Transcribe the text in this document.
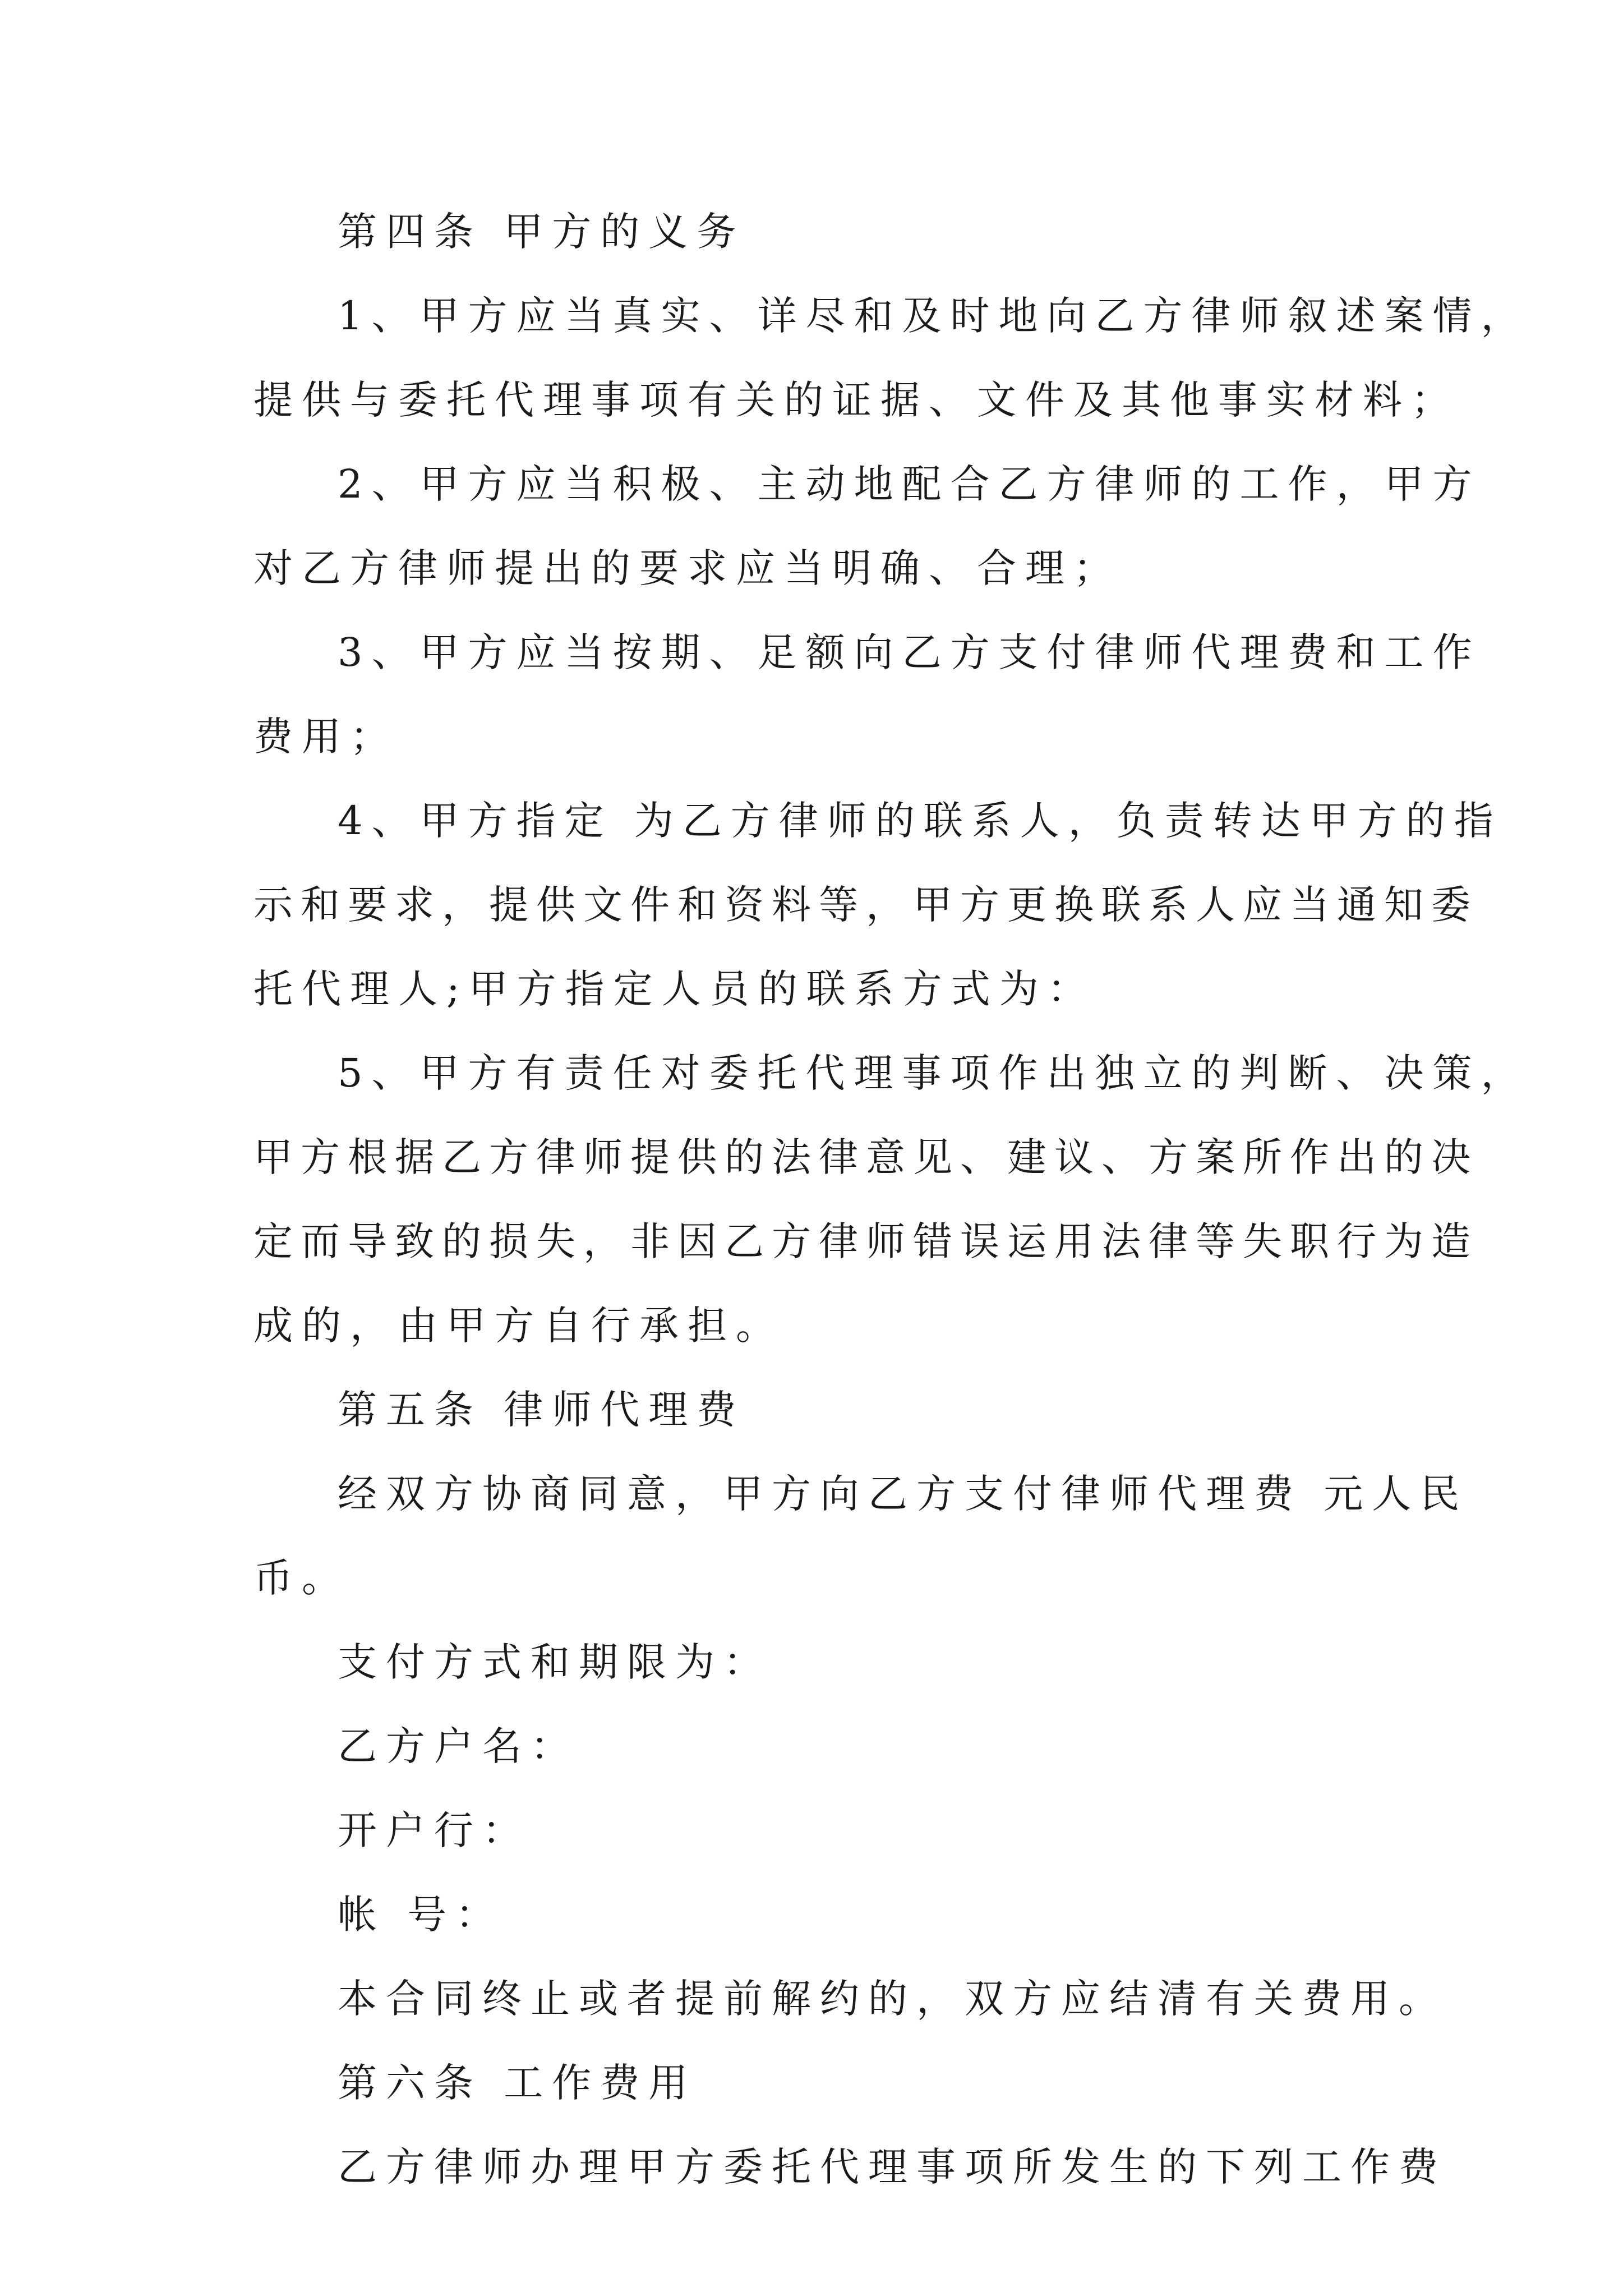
第四条 甲方的义务
1、甲方应当真实、详尽和及时地向乙方律师叙述案情，
提供与委托代理事项有关的证据、文件及其他事实材料；
2、甲方应当积极、主动地配合乙方律师的工作，甲方
对乙方律师提出的要求应当明确、合理；
3、甲方应当按期、足额向乙方支付律师代理费和工作
费用；
4、甲方指定 为乙方律师的联系人，负责转达甲方的指
示和要求，提供文件和资料等，甲方更换联系人应当通知委
托代理人;甲方指定人员的联系方式为：
5、甲方有责任对委托代理事项作出独立的判断、决策，
甲方根据乙方律师提供的法律意见、建议、方案所作出的决
定而导致的损失，非因乙方律师错误运用法律等失职行为造
成的，由甲方自行承担。
第五条 律师代理费
经双方协商同意，甲方向乙方支付律师代理费 元人民
币。
支付方式和期限为：
乙方户名：
开户行：
帐 号：
本合同终止或者提前解约的，双方应结清有关费用。
第六条 工作费用
乙方律师办理甲方委托代理事项所发生的下列工作费
